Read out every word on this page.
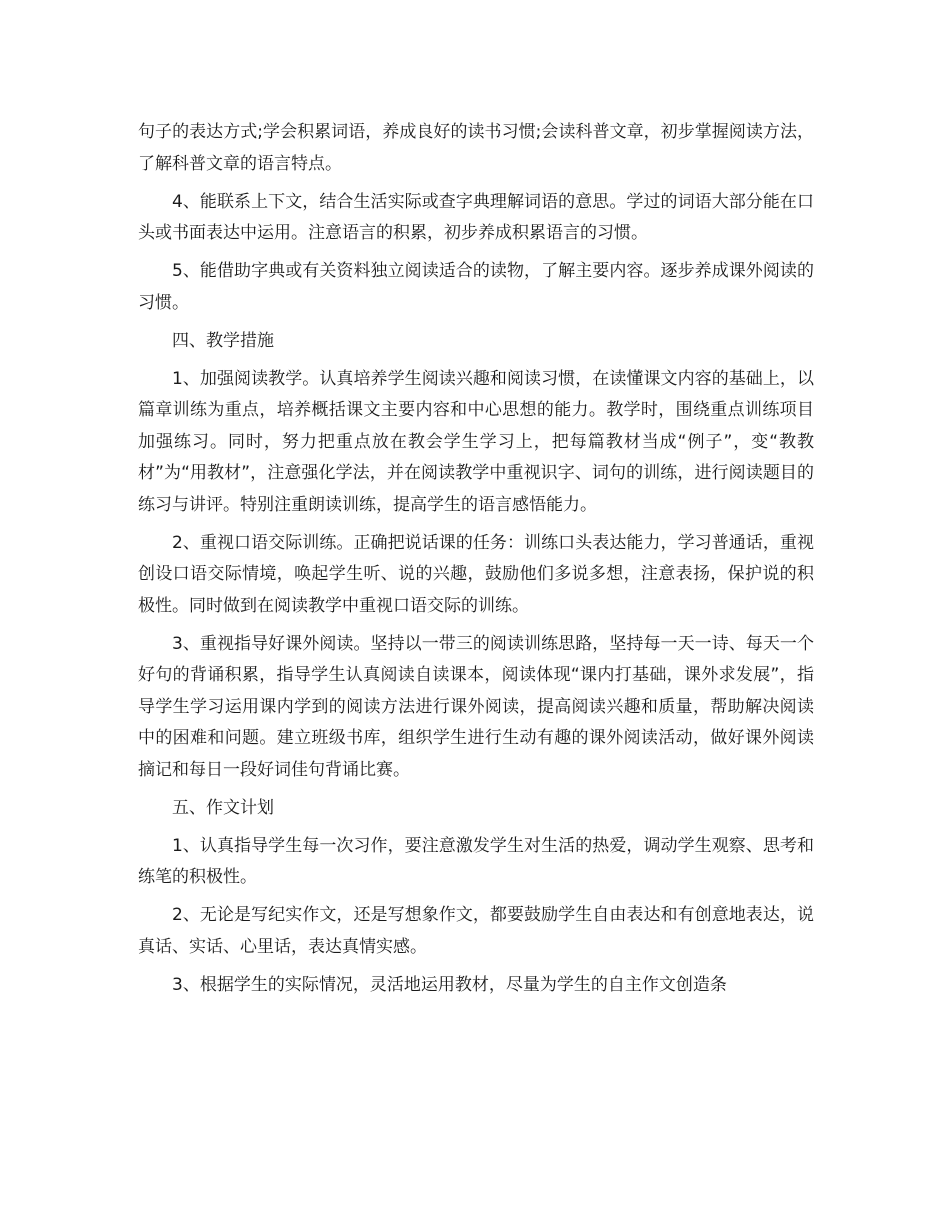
句子的表达方式;学会积累词语，养成良好的读书习惯;会读科普文章，初步掌握阅读方法，了解科普文章的语言特点。

4、能联系上下文，结合生活实际或查字典理解词语的意思。学过的词语大部分能在口头或书面表达中运用。注意语言的积累，初步养成积累语言的习惯。

5、能借助字典或有关资料独立阅读适合的读物，了解主要内容。逐步养成课外阅读的习惯。

四、教学措施

1、加强阅读教学。认真培养学生阅读兴趣和阅读习惯，在读懂课文内容的基础上，以篇章训练为重点，培养概括课文主要内容和中心思想的能力。教学时，围绕重点训练项目加强练习。同时，努力把重点放在教会学生学习上，把每篇教材当成“例子”，变“教教材”为“用教材”，注意强化学法，并在阅读教学中重视识字、词句的训练，进行阅读题目的练习与讲评。特别注重朗读训练，提高学生的语言感悟能力。

2、重视口语交际训练。正确把说话课的任务：训练口头表达能力，学习普通话，重视创设口语交际情境，唤起学生听、说的兴趣，鼓励他们多说多想，注意表扬，保护说的积极性。同时做到在阅读教学中重视口语交际的训练。

3、重视指导好课外阅读。坚持以一带三的阅读训练思路，坚持每一天一诗、每天一个好句的背诵积累，指导学生认真阅读自读课本，阅读体现“课内打基础，课外求发展”，指导学生学习运用课内学到的阅读方法进行课外阅读，提高阅读兴趣和质量，帮助解决阅读中的困难和问题。建立班级书库，组织学生进行生动有趣的课外阅读活动，做好课外阅读摘记和每日一段好词佳句背诵比赛。

五、作文计划

1、认真指导学生每一次习作，要注意激发学生对生活的热爱，调动学生观察、思考和练笔的积极性。

2、无论是写纪实作文，还是写想象作文，都要鼓励学生自由表达和有创意地表达，说真话、实话、心里话，表达真情实感。

3、根据学生的实际情况，灵活地运用教材，尽量为学生的自主作文创造条
